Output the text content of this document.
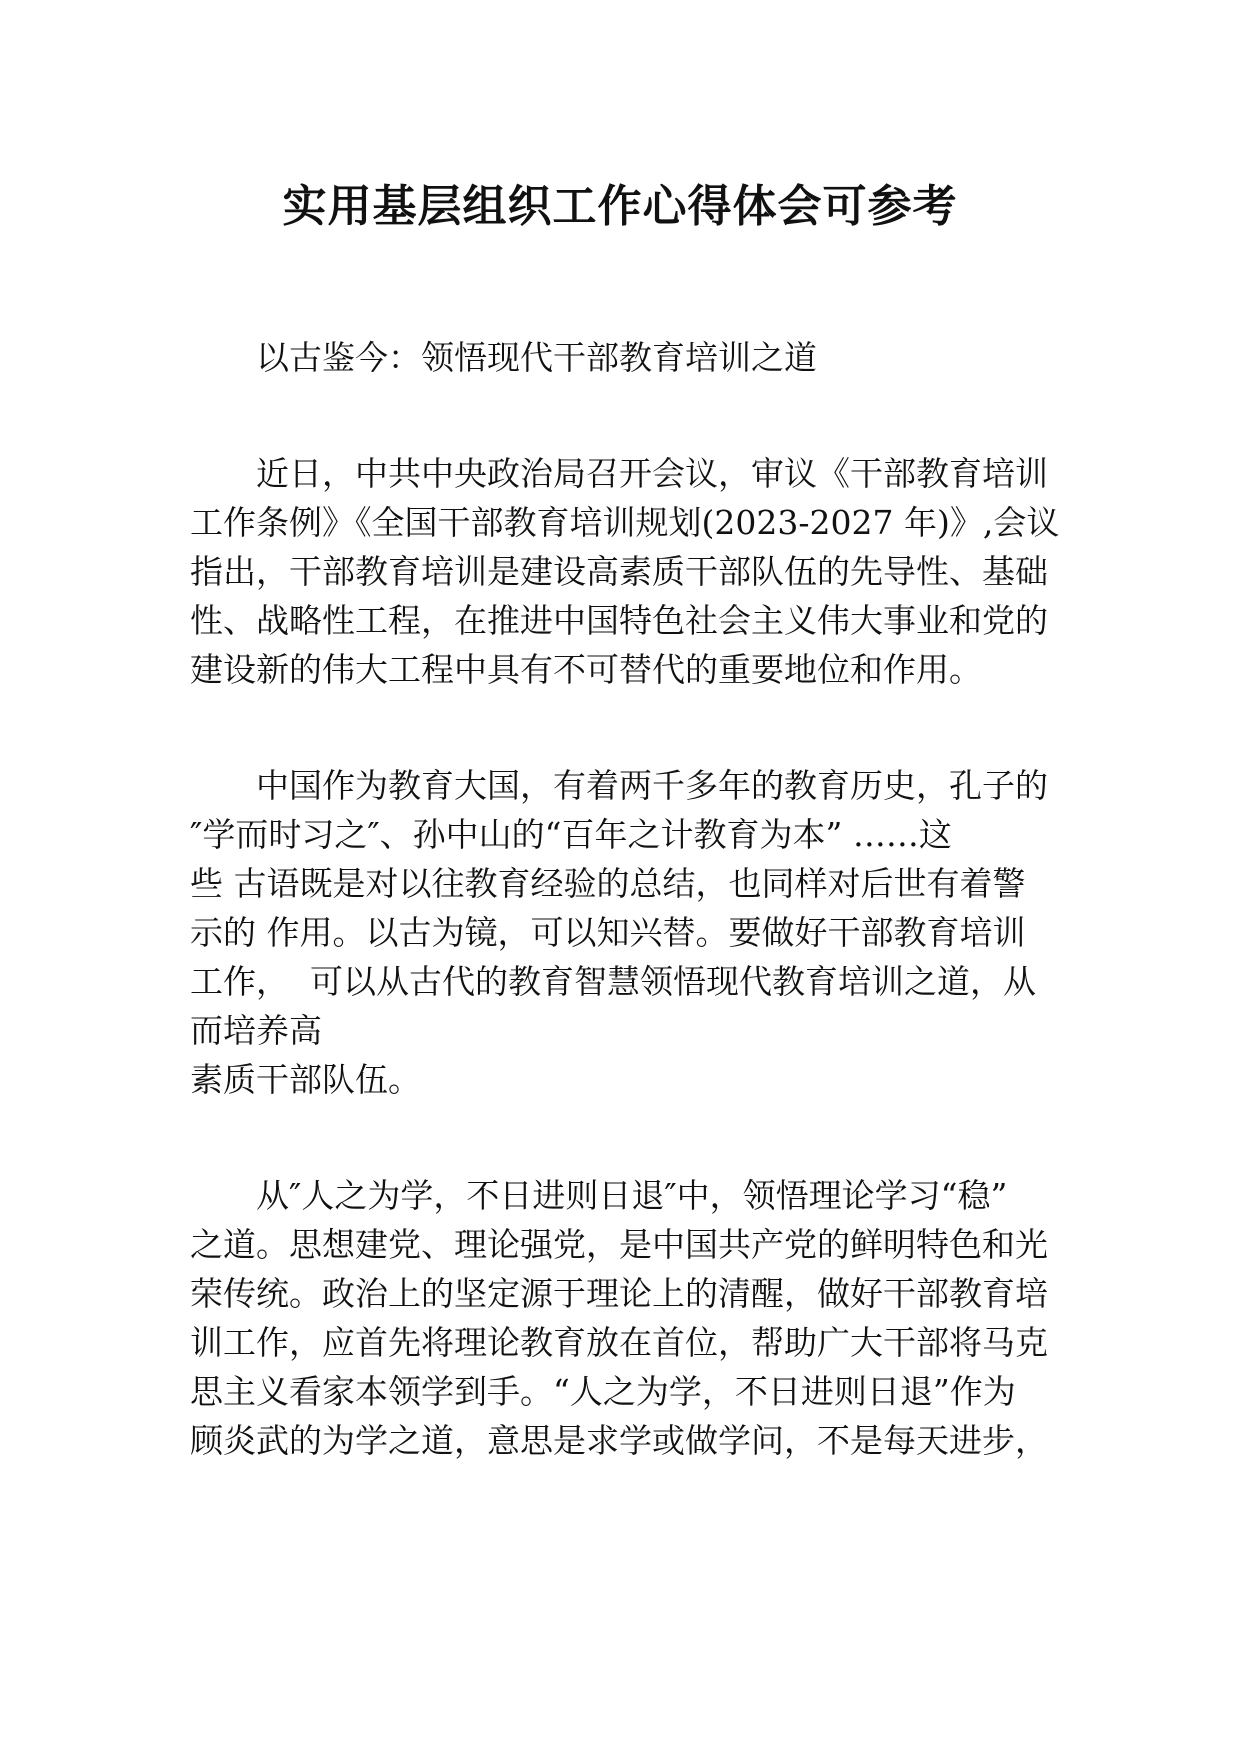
实用基层组织工作心得体会可参考
以古鉴今：领悟现代干部教育培训之道
近日，中共中央政治局召开会议，审议《干部教育培训
工作条例》《全国干部教育培训规划(2023-2027 年)》,会议
指出，干部教育培训是建设高素质干部队伍的先导性、基础
性、战略性工程，在推进中国特色社会主义伟大事业和党的
建设新的伟大工程中具有不可替代的重要地位和作用。
中国作为教育大国，有着两千多年的教育历史，孔子的
″学而时习之″、孙中山的“百年之计教育为本” ……这
些 古语既是对以往教育经验的总结，也同样对后世有着警
示的 作用。以古为镜，可以知兴替。要做好干部教育培训
工作，  可以从古代的教育智慧领悟现代教育培训之道，从
而培养高
素质干部队伍。
从″人之为学，不日进则日退″中，领悟理论学习“稳”
之道。思想建党、理论强党，是中国共产党的鲜明特色和光
荣传统。政治上的坚定源于理论上的清醒，做好干部教育培
训工作，应首先将理论教育放在首位，帮助广大干部将马克
思主义看家本领学到手。“人之为学，不日进则日退”作为
顾炎武的为学之道，意思是求学或做学问，不是每天进步，
